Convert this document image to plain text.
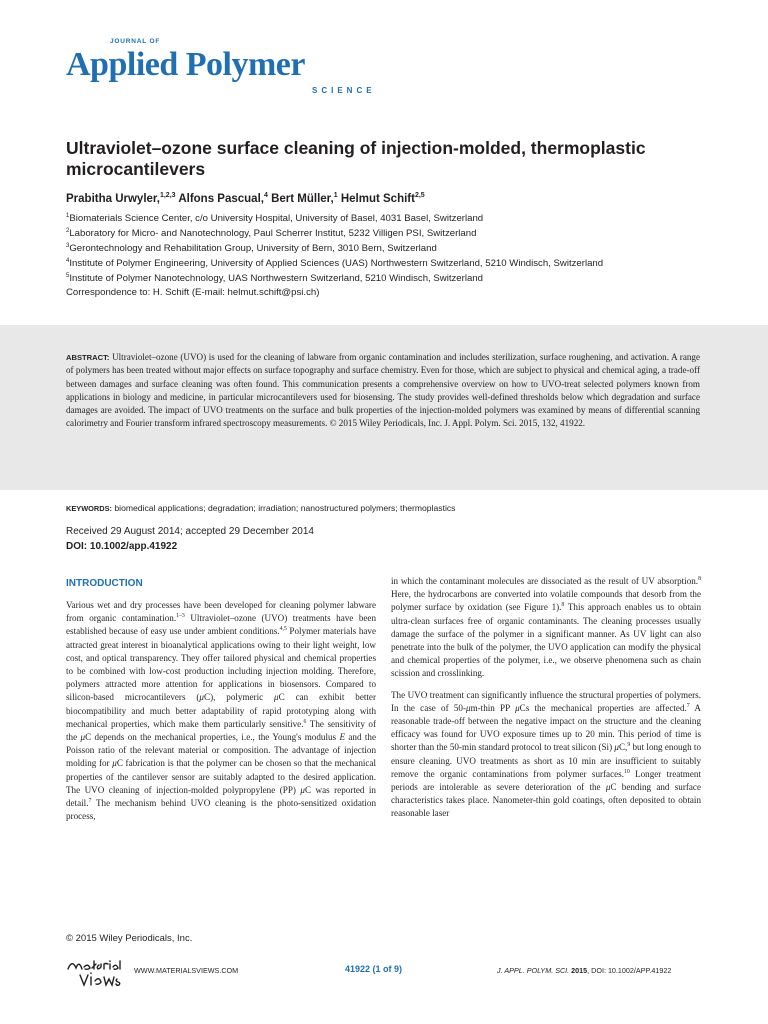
JOURNAL OF
Applied Polymer
SCIENCE
Ultraviolet–ozone surface cleaning of injection-molded, thermoplastic microcantilevers
Prabitha Urwyler,$^{1,2,3}$ Alfons Pascual,$^4$ Bert Müller,$^1$ Helmut Schift$^{2,5}$
$^1$Biomaterials Science Center, c/o University Hospital, University of Basel, 4031 Basel, Switzerland
$^2$Laboratory for Micro- and Nanotechnology, Paul Scherrer Institut, 5232 Villigen PSI, Switzerland
$^3$Gerontechnology and Rehabilitation Group, University of Bern, 3010 Bern, Switzerland
$^4$Institute of Polymer Engineering, University of Applied Sciences (UAS) Northwestern Switzerland, 5210 Windisch, Switzerland
$^5$Institute of Polymer Nanotechnology, UAS Northwestern Switzerland, 5210 Windisch, Switzerland
Correspondence to: H. Schift (E-mail: helmut.schift@psi.ch)
ABSTRACT: Ultraviolet–ozone (UVO) is used for the cleaning of labware from organic contamination and includes sterilization, surface roughening, and activation. A range of polymers has been treated without major effects on surface topography and surface chemistry. Even for those, which are subject to physical and chemical aging, a trade-off between damages and surface cleaning was often found. This communication presents a comprehensive overview on how to UVO-treat selected polymers known from applications in biology and medicine, in particular microcantilevers used for biosensing. The study provides well-defined thresholds below which degradation and surface damages are avoided. The impact of UVO treatments on the surface and bulk properties of the injection-molded polymers was examined by means of differential scanning calorimetry and Fourier transform infrared spectroscopy measurements. © 2015 Wiley Periodicals, Inc. J. Appl. Polym. Sci. 2015, 132, 41922.
KEYWORDS: biomedical applications; degradation; irradiation; nanostructured polymers; thermoplastics
Received 29 August 2014; accepted 29 December 2014
DOI: 10.1002/app.41922
INTRODUCTION

Various wet and dry processes have been developed for cleaning polymer labware from organic contamination.$^{1-3}$ Ultraviolet–ozone (UVO) treatments have been established because of easy use under ambient conditions.$^{4,5}$ Polymer materials have attracted great interest in bioanalytical applications owing to their light weight, low cost, and optical transparency. They offer tailored physical and chemical properties to be combined with low-cost production including injection molding. Therefore, polymers attracted more attention for applications in biosensors. Compared to silicon-based microcantilevers (μC), polymeric μC can exhibit better biocompatibility and much better adaptability of rapid prototyping along with mechanical properties, which make them particularly sensitive.$^6$ The sensitivity of the μC depends on the mechanical properties, i.e., the Young's modulus E and the Poisson ratio of the relevant material or composition. The advantage of injection molding for μC fabrication is that the polymer can be chosen so that the mechanical properties of the cantilever sensor are suitably adapted to the desired application. The UVO cleaning of injection-molded polypropylene (PP) μC was reported in detail.$^7$ The mechanism behind UVO cleaning is the photo-sensitized oxidation process,

in which the contaminant molecules are dissociated as the result of UV absorption.$^8$ Here, the hydrocarbons are converted into volatile compounds that desorb from the polymer surface by oxidation (see Figure 1).$^8$ This approach enables us to obtain ultra-clean surfaces free of organic contaminants. The cleaning processes usually damage the surface of the polymer in a significant manner. As UV light can also penetrate into the bulk of the polymer, the UVO application can modify the physical and chemical properties of the polymer, i.e., we observe phenomena such as chain scission and crosslinking.

The UVO treatment can significantly influence the structural properties of polymers. In the case of 50-μm-thin PP μCs the mechanical properties are affected.$^7$ A reasonable trade-off between the negative impact on the structure and the cleaning efficacy was found for UVO exposure times up to 20 min. This period of time is shorter than the 50-min standard protocol to treat silicon (Si) μC,$^9$ but long enough to ensure cleaning. UVO treatments as short as 10 min are insufficient to suitably remove the organic contaminations from polymer surfaces.$^{10}$ Longer treatment periods are intolerable as severe deterioration of the μC bending and surface characteristics takes place. Nanometer-thin gold coatings, often deposited to obtain reasonable laser

© 2015 Wiley Periodicals, Inc.
WWW.MATERIALSVIEWS.COM	41922 (1 of 9)	J. APPL. POLYM. SCI. 2015, DOI: 10.1002/APP.41922
